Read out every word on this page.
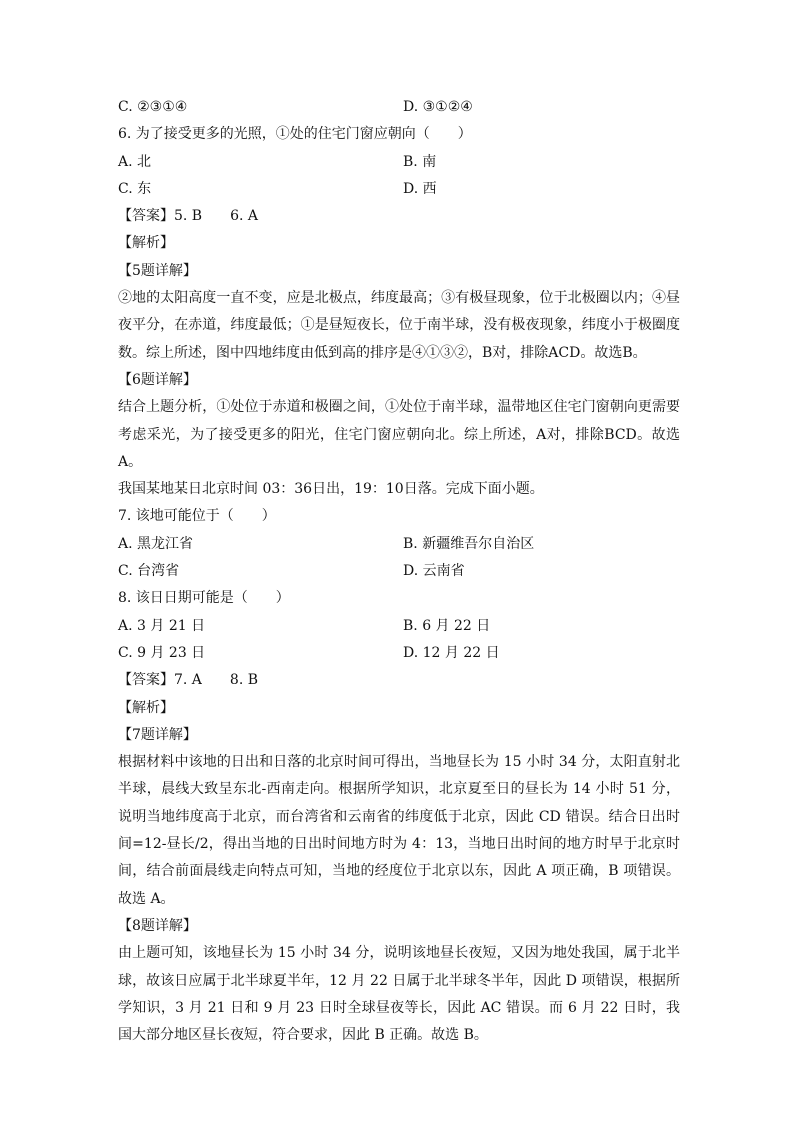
C. ②③①④	D. ③①②④
6. 为了接受更多的光照，①处的住宅门窗应朝向（　　）
A. 北	B. 南
C. 东	D. 西
【答案】5. B　　6. A
【解析】
【5题详解】
②地的太阳高度一直不变，应是北极点，纬度最高；③有极昼现象，位于北极圈以内；④昼夜平分，在赤道，纬度最低；①是昼短夜长，位于南半球，没有极夜现象，纬度小于极圈度数。综上所述，图中四地纬度由低到高的排序是④①③②，B对，排除ACD。故选B。
【6题详解】
结合上题分析，①处位于赤道和极圈之间，①处位于南半球，温带地区住宅门窗朝向更需要考虑采光，为了接受更多的阳光，住宅门窗应朝向北。综上所述，A对，排除BCD。故选A。
我国某地某日北京时间 03：36日出，19：10日落。完成下面小题。
7. 该地可能位于（　　）
A. 黑龙江省	B. 新疆维吾尔自治区
C. 台湾省	D. 云南省
8. 该日日期可能是（　　）
A. 3 月 21 日	B. 6 月 22 日
C. 9 月 23 日	D. 12 月 22 日
【答案】7. A　　8. B
【解析】
【7题详解】
根据材料中该地的日出和日落的北京时间可得出，当地昼长为 15 小时 34 分，太阳直射北半球，晨线大致呈东北-西南走向。根据所学知识，北京夏至日的昼长为 14 小时 51 分，说明当地纬度高于北京，而台湾省和云南省的纬度低于北京，因此 CD 错误。结合日出时间=12-昼长/2，得出当地的日出时间地方时为 4：13，当地日出时间的地方时早于北京时间，结合前面晨线走向特点可知，当地的经度位于北京以东，因此 A 项正确，B 项错误。故选 A。
【8题详解】
由上题可知，该地昼长为 15 小时 34 分，说明该地昼长夜短，又因为地处我国，属于北半球，故该日应属于北半球夏半年，12 月 22 日属于北半球冬半年，因此 D 项错误，根据所学知识，3 月 21 日和 9 月 23 日时全球昼夜等长，因此 AC 错误。而 6 月 22 日时，我国大部分地区昼长夜短，符合要求，因此 B 正确。故选 B。
